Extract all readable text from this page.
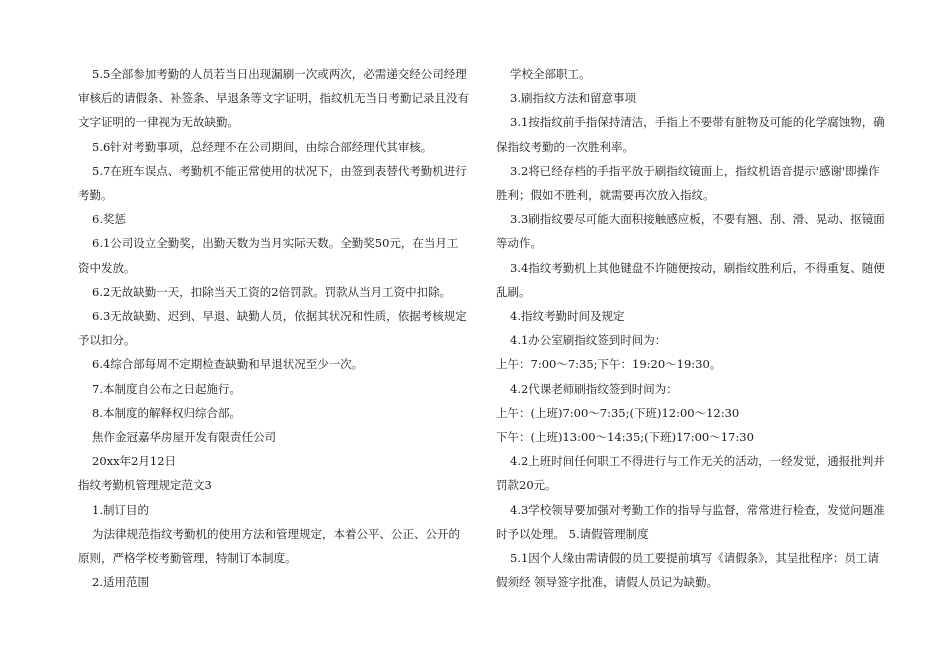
5.5全部参加考勤的人员若当日出现漏刷一次或两次，必需递交经公司经理

审核后的请假条、补签条、早退条等文字证明，指纹机无当日考勤记录且没有

文字证明的一律视为无故缺勤。

5.6针对考勤事项，总经理不在公司期间，由综合部经理代其审核。

5.7在班车误点、考勤机不能正常使用的状况下，由签到表替代考勤机进行

考勤。

6.奖惩

6.1公司设立全勤奖，出勤天数为当月实际天数。全勤奖50元，在当月工

资中发放。

6.2无故缺勤一天，扣除当天工资的2倍罚款。罚款从当月工资中扣除。

6.3无故缺勤、迟到、早退、缺勤人员，依据其状况和性质，依据考核规定

予以扣分。

6.4综合部每周不定期检查缺勤和早退状况至少一次。

7.本制度自公布之日起施行。

8.本制度的解释权归综合部。

焦作金冠嘉华房屋开发有限责任公司

20xx年2月12日

指纹考勤机管理规定范文3

1.制订目的

为法律规范指纹考勤机的使用方法和管理规定，本着公平、公正、公开的

原则，严格学校考勤管理，特制订本制度。

2.适用范围

学校全部职工。

3.刷指纹方法和留意事项

3.1按指纹前手指保持清洁，手指上不要带有脏物及可能的化学腐蚀物，确

保指纹考勤的一次胜利率。

3.2将已经存档的手指平放于刷指纹镜面上，指纹机语音提示'感谢'即操作

胜利；假如不胜利，就需要再次放入指纹。

3.3刷指纹要尽可能大面积接触感应板，不要有翘、刮、滑、晃动、抠镜面

等动作。

3.4指纹考勤机上其他键盘不许随便按动，刷指纹胜利后，不得重复、随便

乱刷。

4.指纹考勤时间及规定

4.1办公室刷指纹签到时间为：

上午：7:00～7:35;下午：19:20～19:30。

4.2代课老师刷指纹签到时间为：

上午：(上班)7:00～7:35;(下班)12:00～12:30

下午：(上班)13:00～14:35;(下班)17:00～17:30

4.2上班时间任何职工不得进行与工作无关的活动，一经发觉，通报批判并

罚款20元。

4.3学校领导要加强对考勤工作的指导与监督，常常进行检查，发觉问题准

时予以处理。 5.请假管理制度

5.1因个人缘由需请假的员工要提前填写《请假条》，其呈批程序：员工请

假须经 领导签字批准，请假人员记为缺勤。
